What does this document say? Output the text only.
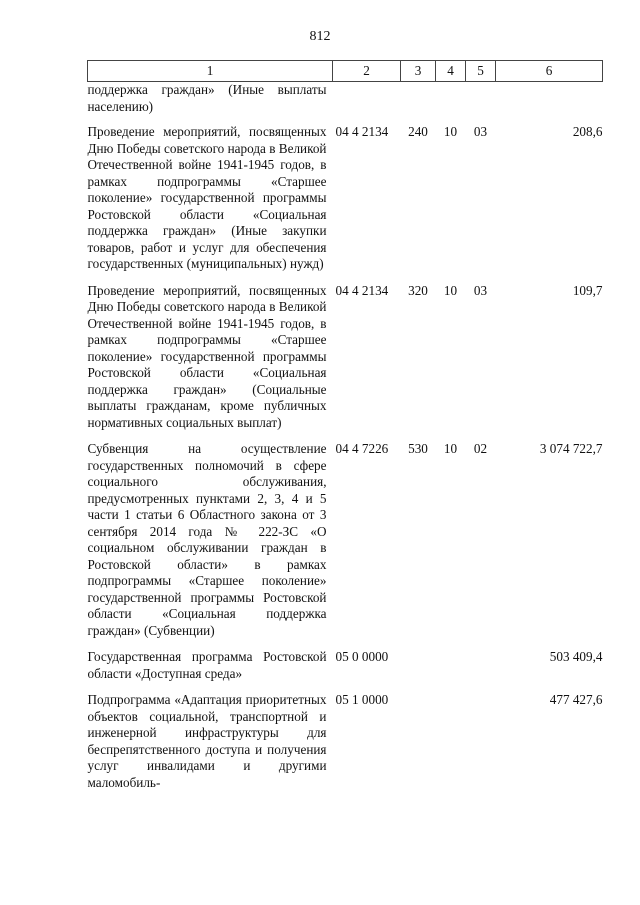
812
1	2	3	4	5	6
поддержка граждан» (Иные выплаты населению)					
Проведение мероприятий, посвященных Дню Победы советского народа в Великой Отечественной войне 1941-1945 годов, в рамках подпрограммы «Старшее поколение» государственной программы Ростовской области «Социальная поддержка граждан» (Иные закупки товаров, работ и услуг для обеспечения государственных (муниципальных) нужд)	04 4 2134	240	10	03	208,6
Проведение мероприятий, посвященных Дню Победы советского народа в Великой Отечественной войне 1941-1945 годов, в рамках подпрограммы «Старшее поколение» государственной программы Ростовской области «Социальная поддержка граждан» (Социальные выплаты гражданам, кроме публичных нормативных социальных выплат)	04 4 2134	320	10	03	109,7
Субвенция на осуществление государственных полномочий в сфере социального обслуживания, предусмотренных пунктами 2, 3, 4 и 5 части 1 статьи 6 Областного закона от 3 сентября 2014 года № 222-ЗС «О социальном обслуживании граждан в Ростовской области» в рамках подпрограммы «Старшее поколение» государственной программы Ростовской области «Социальная поддержка граждан» (Субвенции)	04 4 7226	530	10	02	3 074 722,7
Государственная программа Ростовской области «Доступная среда»	05 0 0000				503 409,4
Подпрограмма «Адаптация приоритетных объектов социальной, транспортной и инженерной инфраструктуры для беспрепятственного доступа и получения услуг инвалидами и другими маломобиль-	05 1 0000				477 427,6
